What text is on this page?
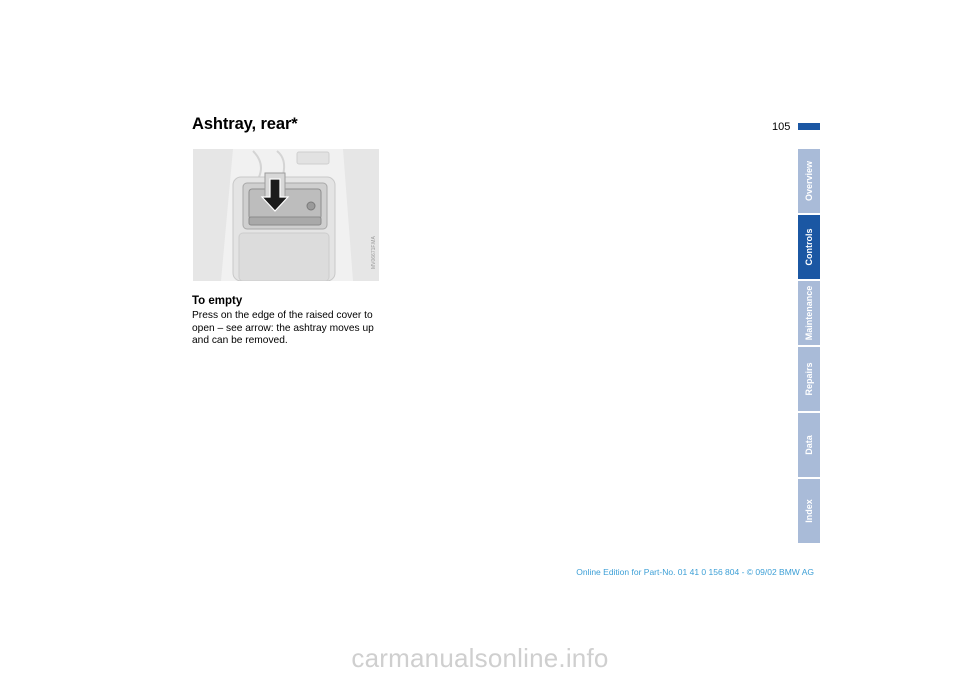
Ashtray, rear*	105
MV06671F.MA
To empty

Press on the edge of the raised cover to open – see arrow: the ashtray moves up and can be removed.

Overview
Controls
Maintenance
Repairs
Data
Index
Online Edition for Part-No. 01 41 0 156 804 - © 09/02 BMW AG
carmanualsonline.info
